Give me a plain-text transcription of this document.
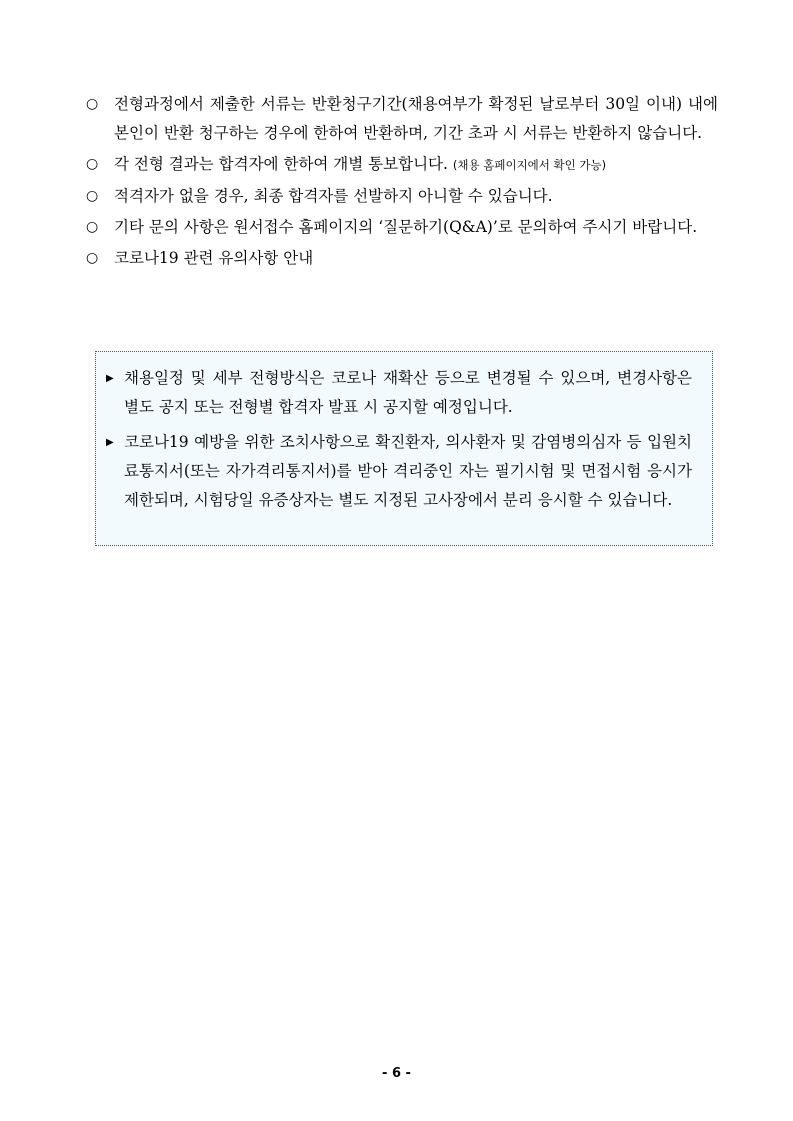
○ 전형과정에서 제출한 서류는 반환청구기간(채용여부가 확정된 날로부터 30일 이내) 내에 본인이 반환 청구하는 경우에 한하여 반환하며, 기간 초과 시 서류는 반환하지 않습니다.
○ 각 전형 결과는 합격자에 한하여 개별 통보합니다. (채용 홈페이지에서 확인 가능)
○ 적격자가 없을 경우, 최종 합격자를 선발하지 아니할 수 있습니다.
○ 기타 문의 사항은 원서접수 홈페이지의 ‘질문하기(Q&A)’로 문의하여 주시기 바랍니다.
○ 코로나19 관련 유의사항 안내
▶ 채용일정 및 세부 전형방식은 코로나 재확산 등으로 변경될 수 있으며, 변경사항은 별도 공지 또는 전형별 합격자 발표 시 공지할 예정입니다.
▶ 코로나19 예방을 위한 조치사항으로 확진환자, 의사환자 및 감염병의심자 등 입원치료통지서(또는 자가격리통지서)를 받아 격리중인 자는 필기시험 및 면접시험 응시가 제한되며, 시험당일 유증상자는 별도 지정된 고사장에서 분리 응시할 수 있습니다.
- 6 -
